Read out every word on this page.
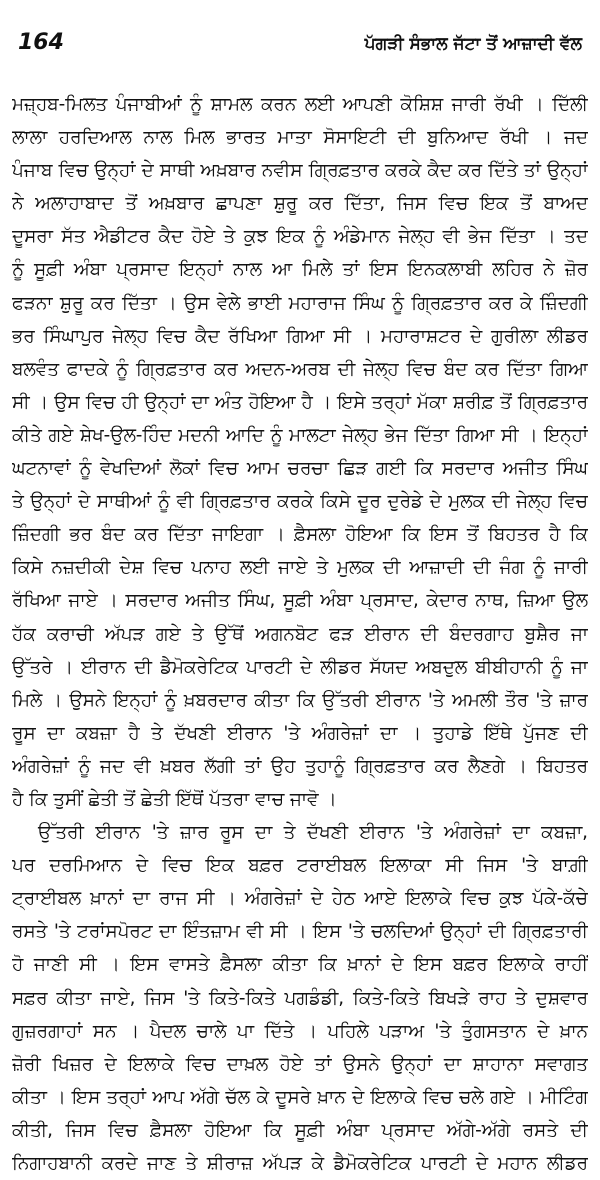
164	ਪੱਗੜੀ ਸੰਭਾਲ ਜੱਟਾ ਤੋਂ ਆਜ਼ਾਦੀ ਵੱਲ
ਮਜ਼੍ਹਬ-ਮਿਲਤ ਪੰਜਾਬੀਆਂ ਨੂੰ ਸ਼ਾਮਲ ਕਰਨ ਲਈ ਆਪਣੀ ਕੋਸ਼ਿਸ਼ ਜਾਰੀ ਰੱਖੀ । ਦਿੱਲੀ
ਲਾਲਾ ਹਰਦਿਆਲ ਨਾਲ ਮਿਲ ਭਾਰਤ ਮਾਤਾ ਸੋਸਾਇਟੀ ਦੀ ਬੁਨਿਆਦ ਰੱਖੀ । ਜਦ
ਪੰਜਾਬ ਵਿਚ ਉਨ੍ਹਾਂ ਦੇ ਸਾਥੀ ਅਖ਼ਬਾਰ ਨਵੀਸ ਗ੍ਰਿਫ਼ਤਾਰ ਕਰਕੇ ਕੈਦ ਕਰ ਦਿੱਤੇ ਤਾਂ ਉਨ੍ਹਾਂ
ਨੇ ਅਲਾਹਾਬਾਦ ਤੋਂ ਅਖ਼ਬਾਰ ਛਾਪਣਾ ਸ਼ੁਰੂ ਕਰ ਦਿੱਤਾ, ਜਿਸ ਵਿਚ ਇਕ ਤੋਂ ਬਾਅਦ
ਦੂਸਰਾ ਸੱਤ ਐਡੀਟਰ ਕੈਦ ਹੋਏ ਤੇ ਕੁਝ ਇਕ ਨੂੰ ਅੰਡੇਮਾਨ ਜੇਲ੍ਹ ਵੀ ਭੇਜ ਦਿੱਤਾ । ਤਦ
ਨੂੰ ਸੂਫ਼ੀ ਅੰਬਾ ਪ੍ਰਸਾਦ ਇਨ੍ਹਾਂ ਨਾਲ ਆ ਮਿਲੇ ਤਾਂ ਇਸ ਇਨਕਲਾਬੀ ਲਹਿਰ ਨੇ ਜ਼ੋਰ
ਫੜਨਾ ਸ਼ੁਰੂ ਕਰ ਦਿੱਤਾ । ਉਸ ਵੇਲੇ ਭਾਈ ਮਹਾਰਾਜ ਸਿੰਘ ਨੂੰ ਗ੍ਰਿਫ਼ਤਾਰ ਕਰ ਕੇ ਜ਼ਿੰਦਗੀ
ਭਰ ਸਿੰਘਾਪੁਰ ਜੇਲ੍ਹ ਵਿਚ ਕੈਦ ਰੱਖਿਆ ਗਿਆ ਸੀ । ਮਹਾਰਾਸ਼ਟਰ ਦੇ ਗੁਰੀਲਾ ਲੀਡਰ
ਬਲਵੰਤ ਫਾਦਕੇ ਨੂੰ ਗ੍ਰਿਫ਼ਤਾਰ ਕਰ ਅਦਨ-ਅਰਬ ਦੀ ਜੇਲ੍ਹ ਵਿਚ ਬੰਦ ਕਰ ਦਿੱਤਾ ਗਿਆ
ਸੀ । ਉਸ ਵਿਚ ਹੀ ਉਨ੍ਹਾਂ ਦਾ ਅੰਤ ਹੋਇਆ ਹੈ । ਇਸੇ ਤਰ੍ਹਾਂ ਮੱਕਾ ਸ਼ਰੀਫ਼ ਤੋਂ ਗ੍ਰਿਫ਼ਤਾਰ
ਕੀਤੇ ਗਏ ਸ਼ੇਖ-ਉਲ-ਹਿੰਦ ਮਦਨੀ ਆਦਿ ਨੂੰ ਮਾਲਟਾ ਜੇਲ੍ਹ ਭੇਜ ਦਿੱਤਾ ਗਿਆ ਸੀ । ਇਨ੍ਹਾਂ
ਘਟਨਾਵਾਂ ਨੂੰ ਵੇਖਦਿਆਂ ਲੋਕਾਂ ਵਿਚ ਆਮ ਚਰਚਾ ਛਿੜ ਗਈ ਕਿ ਸਰਦਾਰ ਅਜੀਤ ਸਿੰਘ
ਤੇ ਉਨ੍ਹਾਂ ਦੇ ਸਾਥੀਆਂ ਨੂੰ ਵੀ ਗ੍ਰਿਫ਼ਤਾਰ ਕਰਕੇ ਕਿਸੇ ਦੂਰ ਦੁਰੇਡੇ ਦੇ ਮੁਲਕ ਦੀ ਜੇਲ੍ਹ ਵਿਚ
ਜ਼ਿੰਦਗੀ ਭਰ ਬੰਦ ਕਰ ਦਿੱਤਾ ਜਾਇਗਾ । ਫ਼ੈਸਲਾ ਹੋਇਆ ਕਿ ਇਸ ਤੋਂ ਬਿਹਤਰ ਹੈ ਕਿ
ਕਿਸੇ ਨਜ਼ਦੀਕੀ ਦੇਸ਼ ਵਿਚ ਪਨਾਹ ਲਈ ਜਾਏ ਤੇ ਮੁਲਕ ਦੀ ਆਜ਼ਾਦੀ ਦੀ ਜੰਗ ਨੂੰ ਜਾਰੀ
ਰੱਖਿਆ ਜਾਏ । ਸਰਦਾਰ ਅਜੀਤ ਸਿੰਘ, ਸੂਫ਼ੀ ਅੰਬਾ ਪ੍ਰਸਾਦ, ਕੇਦਾਰ ਨਾਥ, ਜ਼ਿਆ ਉਲ
ਹੱਕ ਕਰਾਚੀ ਅੱਪੜ ਗਏ ਤੇ ਉੱਥੋਂ ਅਗਨਬੋਟ ਫੜ ਈਰਾਨ ਦੀ ਬੰਦਰਗਾਹ ਬੁਸ਼ੈਰ ਜਾ
ਉੱਤਰੇ । ਈਰਾਨ ਦੀ ਡੈਮੋਕਰੇਟਿਕ ਪਾਰਟੀ ਦੇ ਲੀਡਰ ਸੱਯਦ ਅਬਦੁਲ ਬੀਬੀਹਾਨੀ ਨੂੰ ਜਾ
ਮਿਲੇ । ਉਸਨੇ ਇਨ੍ਹਾਂ ਨੂੰ ਖ਼ਬਰਦਾਰ ਕੀਤਾ ਕਿ ਉੱਤਰੀ ਈਰਾਨ 'ਤੇ ਅਮਲੀ ਤੌਰ 'ਤੇ ਜ਼ਾਰ
ਰੂਸ ਦਾ ਕਬਜ਼ਾ ਹੈ ਤੇ ਦੱਖਣੀ ਈਰਾਨ 'ਤੇ ਅੰਗਰੇਜ਼ਾਂ ਦਾ । ਤੁਹਾਡੇ ਇੱਥੇ ਪੁੱਜਣ ਦੀ
ਅੰਗਰੇਜ਼ਾਂ ਨੂੰ ਜਦ ਵੀ ਖ਼ਬਰ ਲੱਗੀ ਤਾਂ ਉਹ ਤੁਹਾਨੂੰ ਗ੍ਰਿਫ਼ਤਾਰ ਕਰ ਲੈਣਗੇ । ਬਿਹਤਰ
ਹੈ ਕਿ ਤੁਸੀਂ ਛੇਤੀ ਤੋਂ ਛੇਤੀ ਇੱਥੋਂ ਪੱਤਰਾ ਵਾਚ ਜਾਵੋ ।
ਉੱਤਰੀ ਈਰਾਨ 'ਤੇ ਜ਼ਾਰ ਰੂਸ ਦਾ ਤੇ ਦੱਖਣੀ ਈਰਾਨ 'ਤੇ ਅੰਗਰੇਜ਼ਾਂ ਦਾ ਕਬਜ਼ਾ,
ਪਰ ਦਰਮਿਆਨ ਦੇ ਵਿਚ ਇਕ ਬਫ਼ਰ ਟਰਾਈਬਲ ਇਲਾਕਾ ਸੀ ਜਿਸ 'ਤੇ ਬਾਗ਼ੀ
ਟ੍ਰਾਈਬਲ ਖ਼ਾਨਾਂ ਦਾ ਰਾਜ ਸੀ । ਅੰਗਰੇਜ਼ਾਂ ਦੇ ਹੇਠ ਆਏ ਇਲਾਕੇ ਵਿਚ ਕੁਝ ਪੱਕੇ-ਕੱਚੇ
ਰਸਤੇ 'ਤੇ ਟਰਾਂਸਪੋਰਟ ਦਾ ਇੰਤਜ਼ਾਮ ਵੀ ਸੀ । ਇਸ 'ਤੇ ਚਲਦਿਆਂ ਉਨ੍ਹਾਂ ਦੀ ਗ੍ਰਿਫ਼ਤਾਰੀ
ਹੋ ਜਾਣੀ ਸੀ । ਇਸ ਵਾਸਤੇ ਫ਼ੈਸਲਾ ਕੀਤਾ ਕਿ ਖ਼ਾਨਾਂ ਦੇ ਇਸ ਬਫ਼ਰ ਇਲਾਕੇ ਰਾਹੀਂ
ਸਫ਼ਰ ਕੀਤਾ ਜਾਏ, ਜਿਸ 'ਤੇ ਕਿਤੇ-ਕਿਤੇ ਪਗਡੰਡੀ, ਕਿਤੇ-ਕਿਤੇ ਬਿਖੜੇ ਰਾਹ ਤੇ ਦੁਸ਼ਵਾਰ
ਗੁਜ਼ਰਗਾਹਾਂ ਸਨ । ਪੈਦਲ ਚਾਲੇ ਪਾ ਦਿੱਤੇ । ਪਹਿਲੇ ਪੜਾਅ 'ਤੇ ਤੁੰਗਸਤਾਨ ਦੇ ਖ਼ਾਨ
ਜ਼ੋਰੀ ਖਿਜ਼ਰ ਦੇ ਇਲਾਕੇ ਵਿਚ ਦਾਖ਼ਲ ਹੋਏ ਤਾਂ ਉਸਨੇ ਉਨ੍ਹਾਂ ਦਾ ਸ਼ਾਹਾਨਾ ਸਵਾਗਤ
ਕੀਤਾ । ਇਸ ਤਰ੍ਹਾਂ ਆਪ ਅੱਗੇ ਚੱਲ ਕੇ ਦੂਸਰੇ ਖ਼ਾਨ ਦੇ ਇਲਾਕੇ ਵਿਚ ਚਲੇ ਗਏ । ਮੀਟਿੰਗ
ਕੀਤੀ, ਜਿਸ ਵਿਚ ਫ਼ੈਸਲਾ ਹੋਇਆ ਕਿ ਸੂਫ਼ੀ ਅੰਬਾ ਪ੍ਰਸਾਦ ਅੱਗੇ-ਅੱਗੇ ਰਸਤੇ ਦੀ
ਨਿਗਾਹਬਾਨੀ ਕਰਦੇ ਜਾਣ ਤੇ ਸ਼ੀਰਾਜ਼ ਅੱਪੜ ਕੇ ਡੈਮੋਕਰੇਟਿਕ ਪਾਰਟੀ ਦੇ ਮਹਾਨ ਲੀਡਰ
